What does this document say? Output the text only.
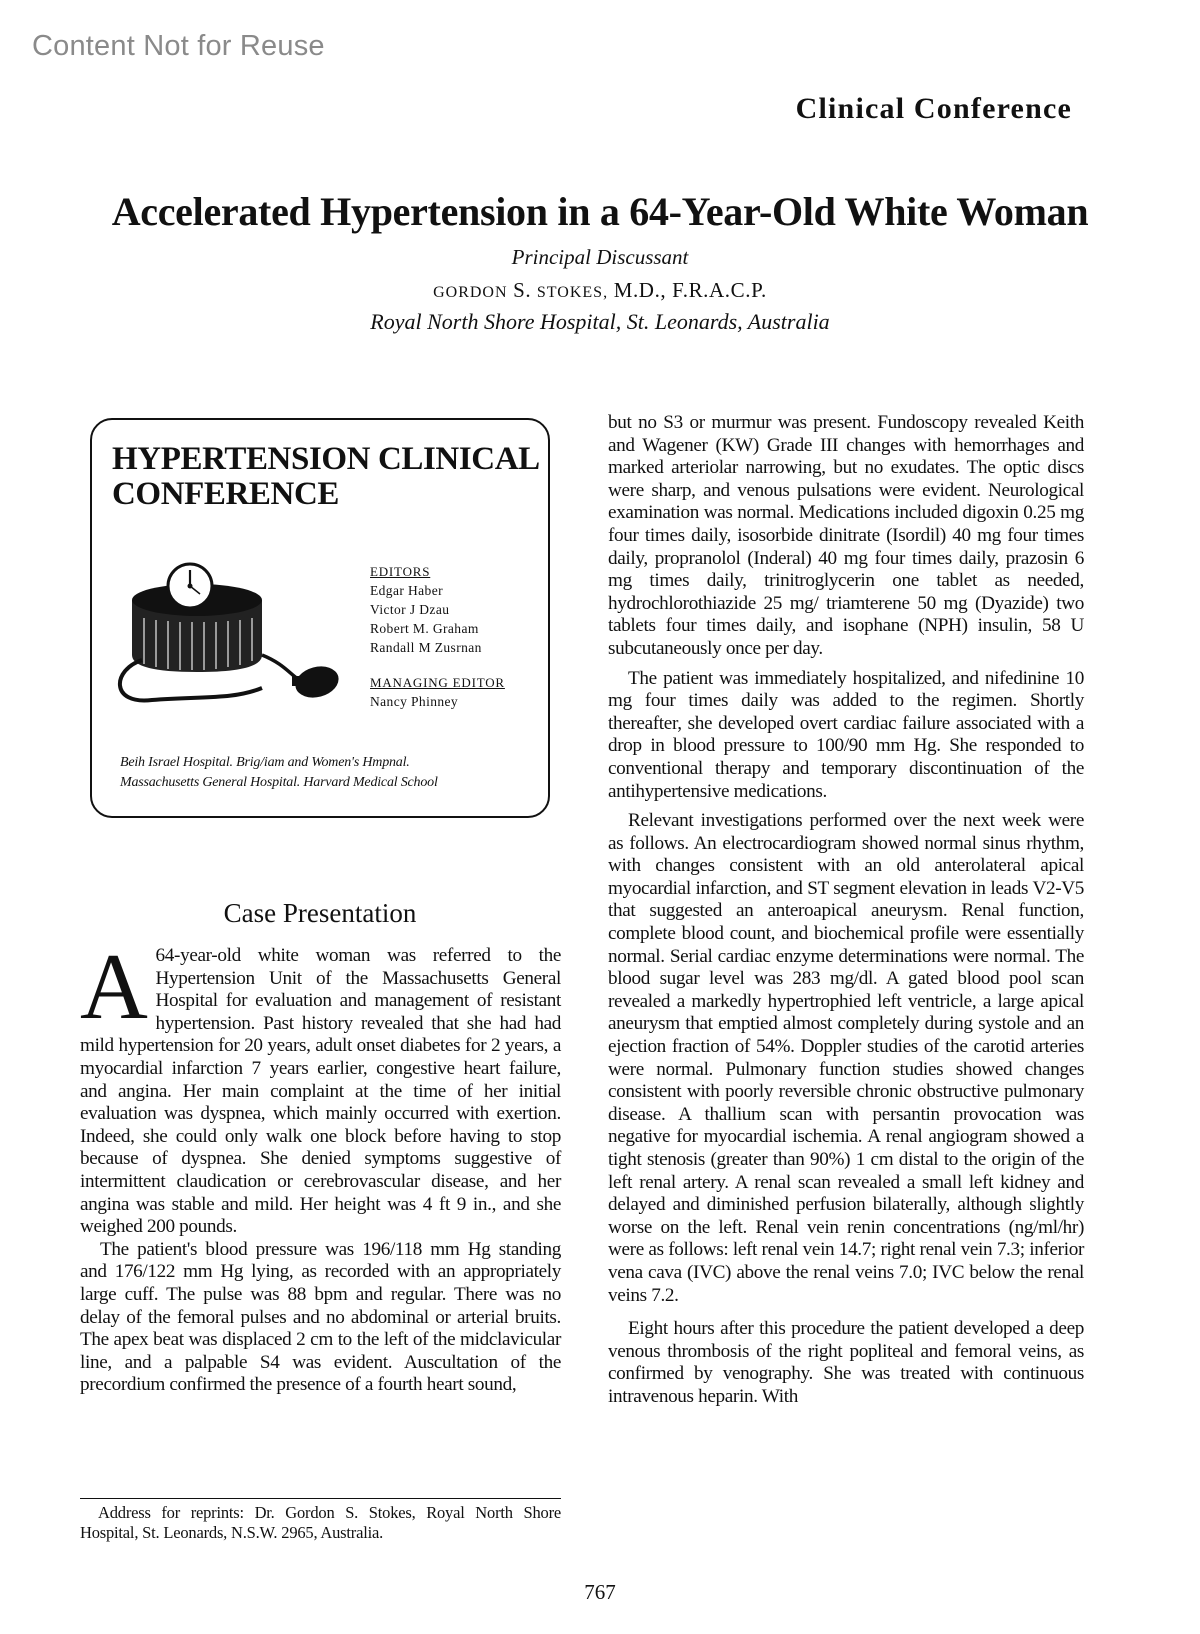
Content Not for Reuse
Clinical Conference
Accelerated Hypertension in a 64-Year-Old White Woman
Principal Discussant
GORDON S. STOKES, M.D., F.R.A.C.P.
Royal North Shore Hospital, St. Leonards, Australia
HYPERTENSION CLINICAL CONFERENCE
EDITORS
Edgar Haber
Victor J Dzau
Robert M. Graham
Randall M Zusrnan
MANAGING EDITOR
Nancy Phinney
Beih Israel Hospital. Brig/iam and Women's Hmpnal.
Massachusetts General Hospital. Harvard Medical School
Case Presentation

A 64-year-old white woman was referred to the Hypertension Unit of the Massachusetts General Hospital for evaluation and management of resistant hypertension. Past history revealed that she had had mild hypertension for 20 years, adult onset diabetes for 2 years, a myocardial infarction 7 years earlier, congestive heart failure, and angina. Her main complaint at the time of her initial evaluation was dyspnea, which mainly occurred with exertion. Indeed, she could only walk one block before having to stop because of dyspnea. She denied symptoms suggestive of intermittent claudication or cerebrovascular disease, and her angina was stable and mild. Her height was 4 ft 9 in., and she weighed 200 pounds.

The patient's blood pressure was 196/118 mm Hg standing and 176/122 mm Hg lying, as recorded with an appropriately large cuff. The pulse was 88 bpm and regular. There was no delay of the femoral pulses and no abdominal or arterial bruits. The apex beat was displaced 2 cm to the left of the midclavicular line, and a palpable S4 was evident. Auscultation of the precordium confirmed the presence of a fourth heart sound,

Address for reprints: Dr. Gordon S. Stokes, Royal North Shore Hospital, St. Leonards, N.S.W. 2965, Australia.

but no S3 or murmur was present. Fundoscopy revealed Keith and Wagener (KW) Grade III changes with hemorrhages and marked arteriolar narrowing, but no exudates. The optic discs were sharp, and venous pulsations were evident. Neurological examination was normal. Medications included digoxin 0.25 mg four times daily, isosorbide dinitrate (Isordil) 40 mg four times daily, propranolol (Inderal) 40 mg four times daily, prazosin 6 mg times daily, trinitroglycerin one tablet as needed, hydrochlorothiazide 25 mg/ triamterene 50 mg (Dyazide) two tablets four times daily, and isophane (NPH) insulin, 58 U subcutaneously once per day.

The patient was immediately hospitalized, and nifedinine 10 mg four times daily was added to the regimen. Shortly thereafter, she developed overt cardiac failure associated with a drop in blood pressure to 100/90 mm Hg. She responded to conventional therapy and temporary discontinuation of the antihypertensive medications.

Relevant investigations performed over the next week were as follows. An electrocardiogram showed normal sinus rhythm, with changes consistent with an old anterolateral apical myocardial infarction, and ST segment elevation in leads V2-V5 that suggested an anteroapical aneurysm. Renal function, complete blood count, and biochemical profile were essentially normal. Serial cardiac enzyme determinations were normal. The blood sugar level was 283 mg/dl. A gated blood pool scan revealed a markedly hypertrophied left ventricle, a large apical aneurysm that emptied almost completely during systole and an ejection fraction of 54%. Doppler studies of the carotid arteries were normal. Pulmonary function studies showed changes consistent with poorly reversible chronic obstructive pulmonary disease. A thallium scan with persantin provocation was negative for myocardial ischemia. A renal angiogram showed a tight stenosis (greater than 90%) 1 cm distal to the origin of the left renal artery. A renal scan revealed a small left kidney and delayed and diminished perfusion bilaterally, although slightly worse on the left. Renal vein renin concentrations (ng/ml/hr) were as follows: left renal vein 14.7; right renal vein 7.3; inferior vena cava (IVC) above the renal veins 7.0; IVC below the renal veins 7.2.

Eight hours after this procedure the patient developed a deep venous thrombosis of the right popliteal and femoral veins, as confirmed by venography. She was treated with continuous intravenous heparin. With

767
